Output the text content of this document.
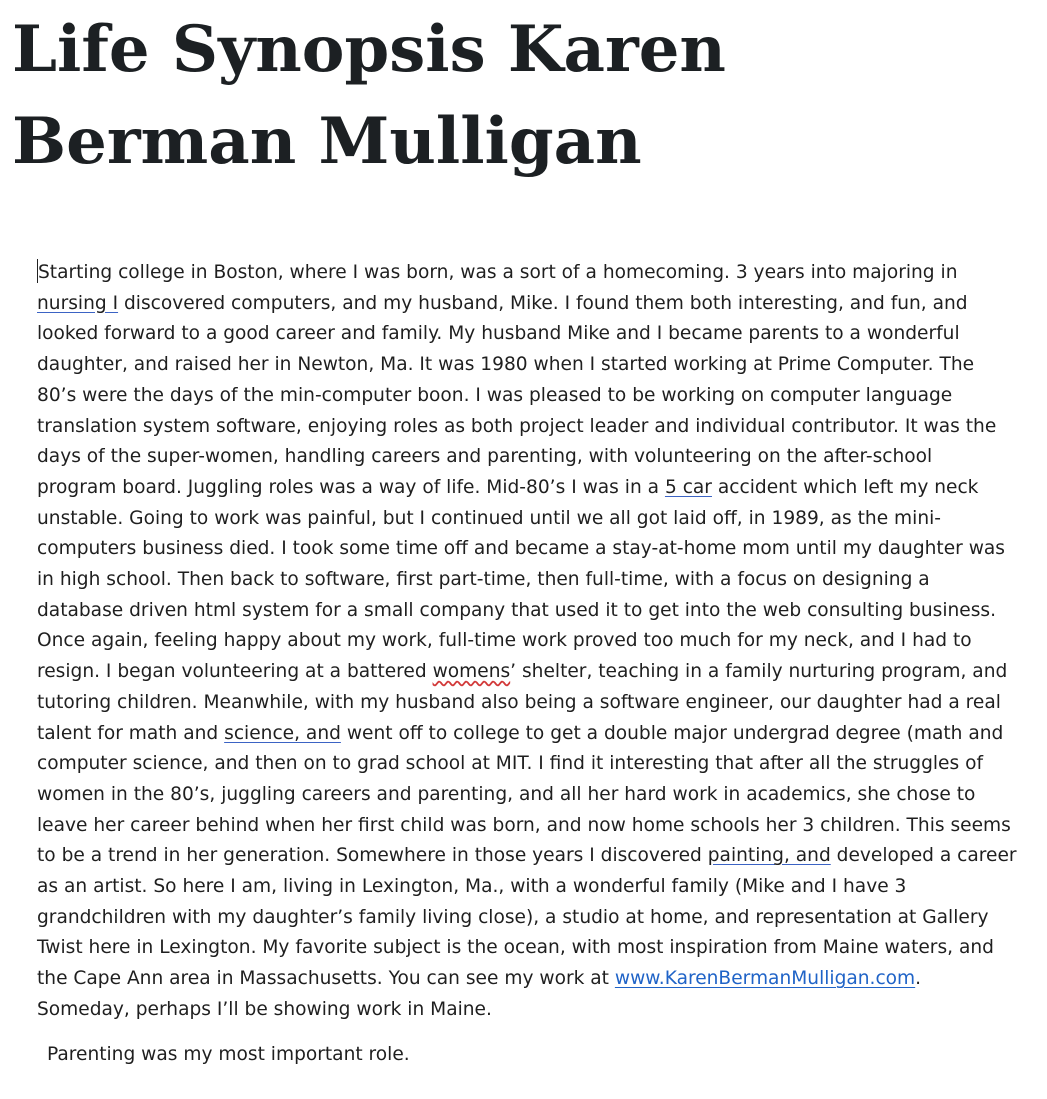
Life Synopsis Karen Berman Mulligan
Starting college in Boston, where I was born, was a sort of a homecoming. 3 years into majoring in
nursing I discovered computers, and my husband, Mike. I found them both interesting, and fun, and
looked forward to a good career and family. My husband Mike and I became parents to a wonderful
daughter, and raised her in Newton, Ma. It was 1980 when I started working at Prime Computer. The
80’s were the days of the min-computer boon. I was pleased to be working on computer language
translation system software, enjoying roles as both project leader and individual contributor. It was the
days of the super-women, handling careers and parenting, with volunteering on the after-school
program board. Juggling roles was a way of life. Mid-80’s I was in a 5 car accident which left my neck
unstable. Going to work was painful, but I continued until we all got laid off, in 1989, as the mini-
computers business died. I took some time off and became a stay-at-home mom until my daughter was
in high school. Then back to software, first part-time, then full-time, with a focus on designing a
database driven html system for a small company that used it to get into the web consulting business.
Once again, feeling happy about my work, full-time work proved too much for my neck, and I had to
resign. I began volunteering at a battered womens’ shelter, teaching in a family nurturing program, and
tutoring children. Meanwhile, with my husband also being a software engineer, our daughter had a real
talent for math and science, and went off to college to get a double major undergrad degree (math and
computer science, and then on to grad school at MIT. I find it interesting that after all the struggles of
women in the 80’s, juggling careers and parenting, and all her hard work in academics, she chose to
leave her career behind when her first child was born, and now home schools her 3 children. This seems
to be a trend in her generation. Somewhere in those years I discovered painting, and developed a career
as an artist. So here I am, living in Lexington, Ma., with a wonderful family (Mike and I have 3
grandchildren with my daughter’s family living close), a studio at home, and representation at Gallery
Twist here in Lexington. My favorite subject is the ocean, with most inspiration from Maine waters, and
the Cape Ann area in Massachusetts. You can see my work at www.KarenBermanMulligan.com.
Someday, perhaps I’ll be showing work in Maine.
Parenting was my most important role.
